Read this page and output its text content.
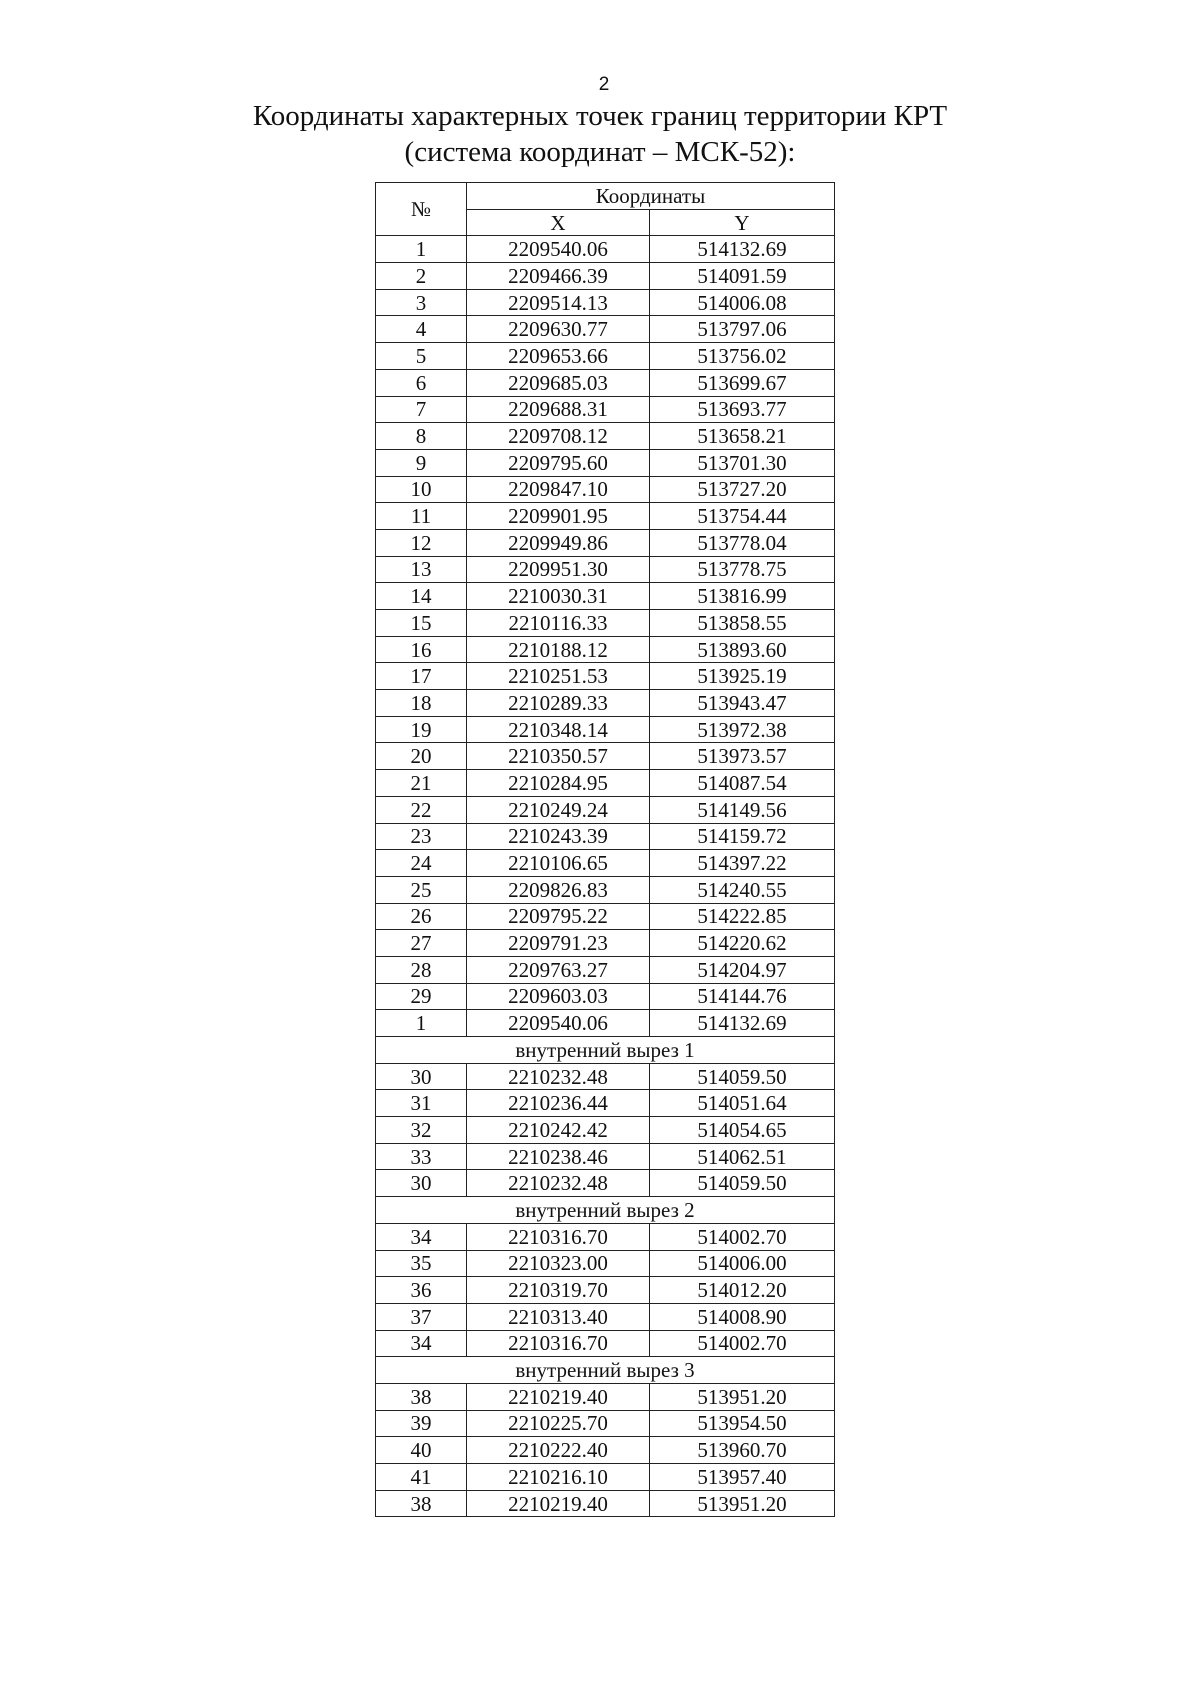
2
Координаты характерных точек границ территории КРТ
(система координат – МСК-52):
№	Координаты	
	X	Y
1	2209540.06	514132.69
2	2209466.39	514091.59
3	2209514.13	514006.08
4	2209630.77	513797.06
5	2209653.66	513756.02
6	2209685.03	513699.67
7	2209688.31	513693.77
8	2209708.12	513658.21
9	2209795.60	513701.30
10	2209847.10	513727.20
11	2209901.95	513754.44
12	2209949.86	513778.04
13	2209951.30	513778.75
14	2210030.31	513816.99
15	2210116.33	513858.55
16	2210188.12	513893.60
17	2210251.53	513925.19
18	2210289.33	513943.47
19	2210348.14	513972.38
20	2210350.57	513973.57
21	2210284.95	514087.54
22	2210249.24	514149.56
23	2210243.39	514159.72
24	2210106.65	514397.22
25	2209826.83	514240.55
26	2209795.22	514222.85
27	2209791.23	514220.62
28	2209763.27	514204.97
29	2209603.03	514144.76
1	2209540.06	514132.69
внутренний вырез 1		
30	2210232.48	514059.50
31	2210236.44	514051.64
32	2210242.42	514054.65
33	2210238.46	514062.51
30	2210232.48	514059.50
внутренний вырез 2		
34	2210316.70	514002.70
35	2210323.00	514006.00
36	2210319.70	514012.20
37	2210313.40	514008.90
34	2210316.70	514002.70
внутренний вырез 3		
38	2210219.40	513951.20
39	2210225.70	513954.50
40	2210222.40	513960.70
41	2210216.10	513957.40
38	2210219.40	513951.20
